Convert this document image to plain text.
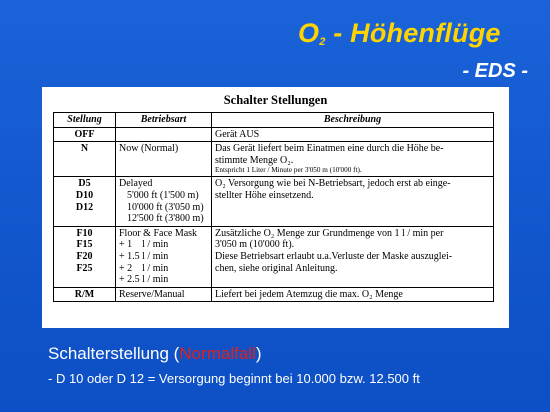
$O_2$ - Höhenflüge
- EDS -
Schalter Stellungen
Stellung	Betriebsart	Beschreibung

OFF		Gerät AUS

N	Now (Normal)	Das Gerät liefert beim Einatmen eine durch die Höhe be-
stimmte Menge O₂.
Entspricht 1 Liter / Minute per 3'050 m (10'000 ft).

D5
D10
D12	Delayed
5'000 ft (1'500 m)
10'000 ft (3'050 m)
12'500 ft (3'800 m)	O₂ Versorgung wie bei N-Betriebsart, jedoch erst ab einge-
stellter Höhe einsetzend.

F10
F15
F20
F25	Floor & Face Mask
+ 1    l / min
+ 1.5 l / min
+ 2    l / min
+ 2.5 l / min	Zusätzliche O₂ Menge zur Grundmenge von 1 l / min per
3'050 m (10'000 ft).
Diese Betriebsart erlaubt u.a.Verluste der Maske auszuglei-
chen, siehe original Anleitung.

R/M	Reserve/Manual	Liefert bei jedem Atemzug die max. O₂ Menge
Schalterstellung (Normalfall)
- D 10 oder D 12 = Versorgung beginnt bei 10.000 bzw. 12.500 ft
